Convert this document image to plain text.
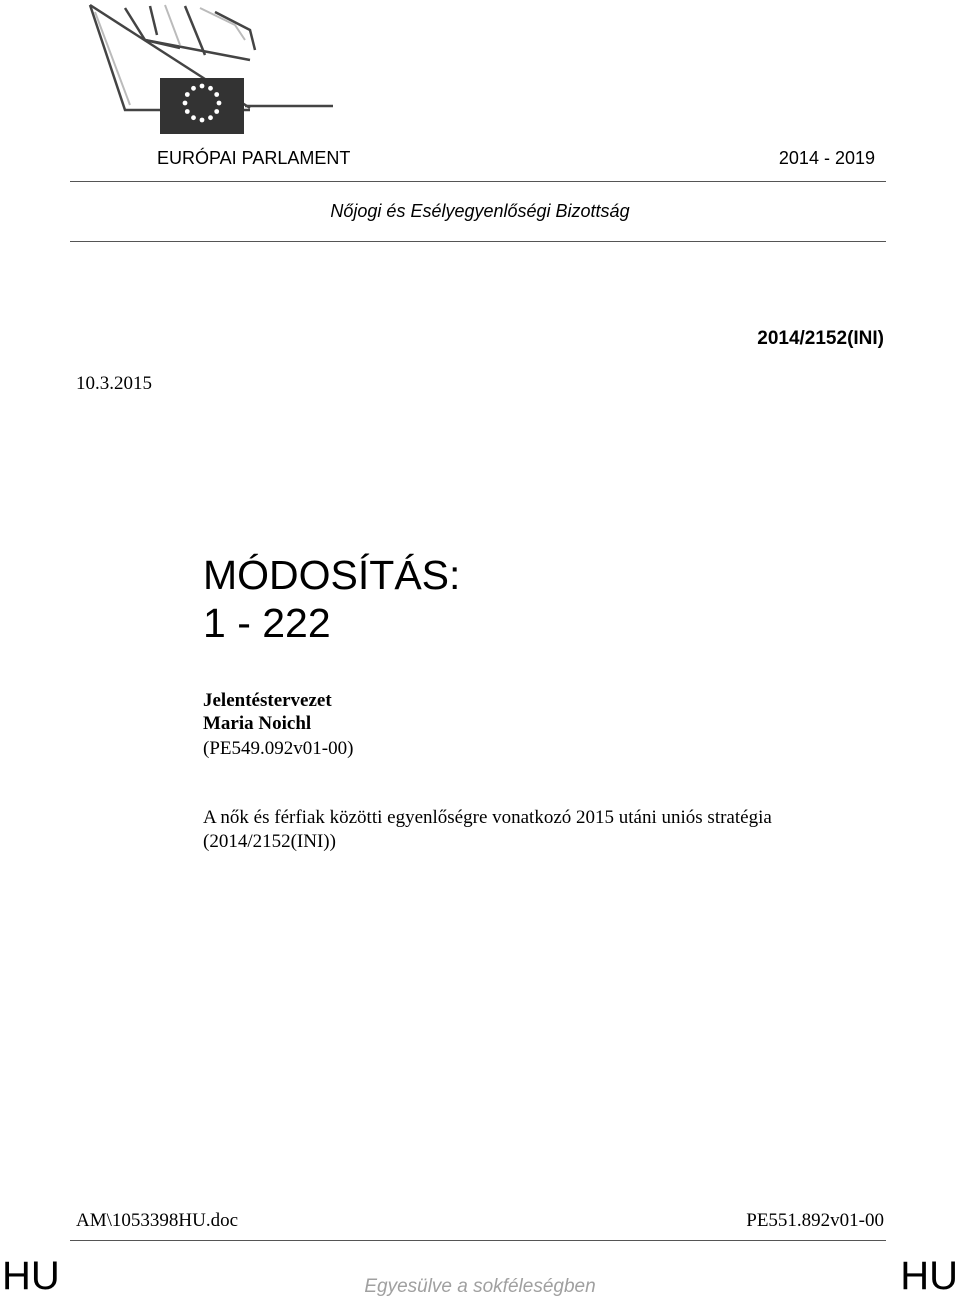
EURÓPAI PARLAMENT	2014 - 2019
Nőjogi és Esélyegyenlőségi Bizottság
2014/2152(INI)
10.3.2015
MÓDOSÍTÁS:
1 - 222
Jelentéstervezet
Maria Noichl
(PE549.092v01-00)
A nők és férfiak közötti egyenlőségre vonatkozó 2015 utáni uniós stratégia
(2014/2152(INI))
AM\1053398HU.doc	PE551.892v01-00
HU	HU
Egyesülve a sokféleségben
